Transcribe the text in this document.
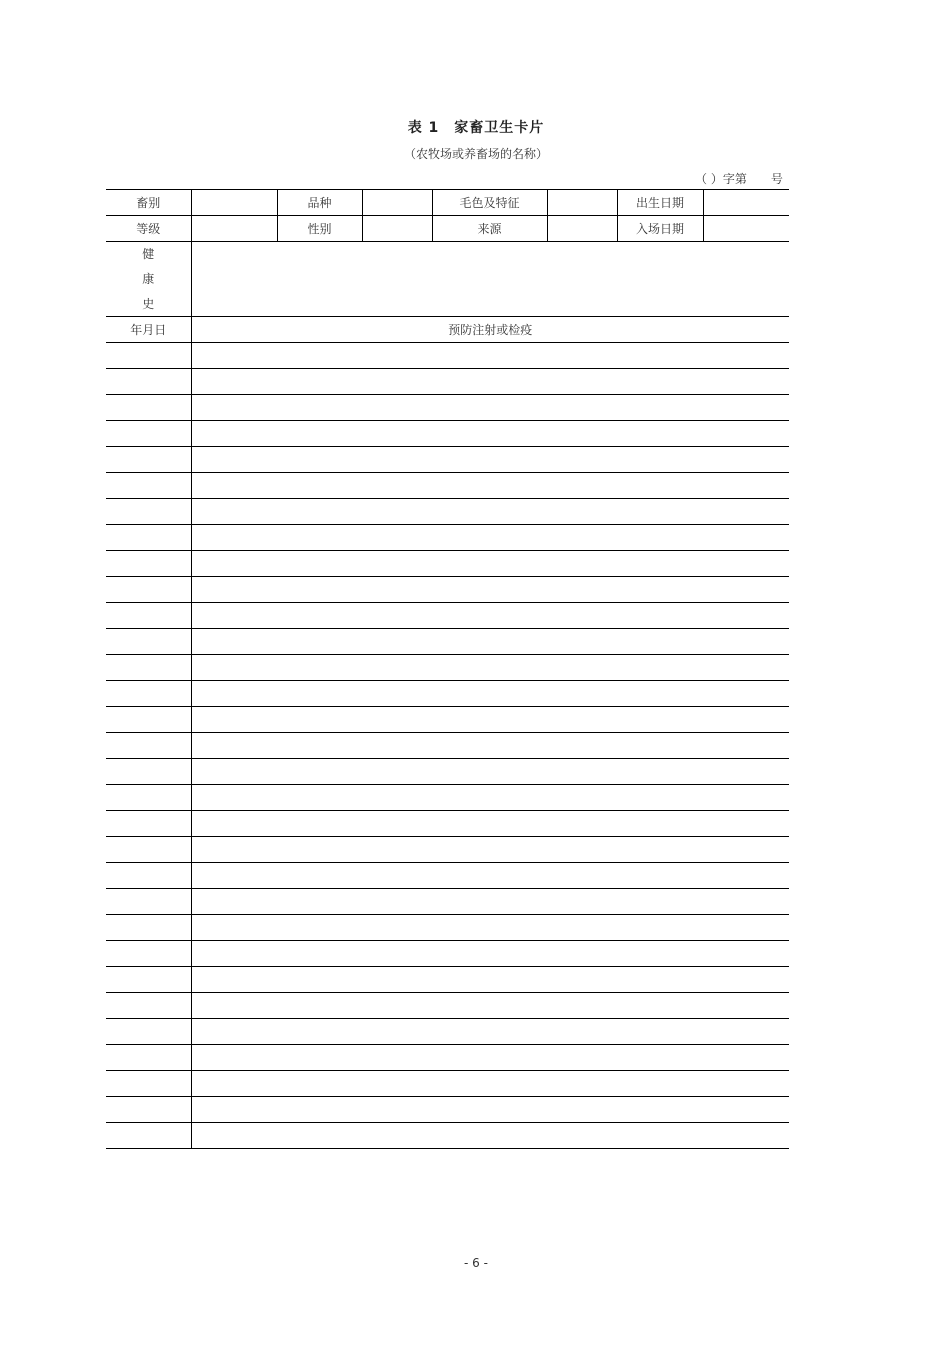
表 1　家畜卫生卡片
（农牧场或养畜场的名称）
（ ）字第　　号
畜别		品种		毛色及特征		出生日期	
等级		性别		来源		入场日期	

健
康
史							

年月日	预防注射或检疫						

- 6 -
